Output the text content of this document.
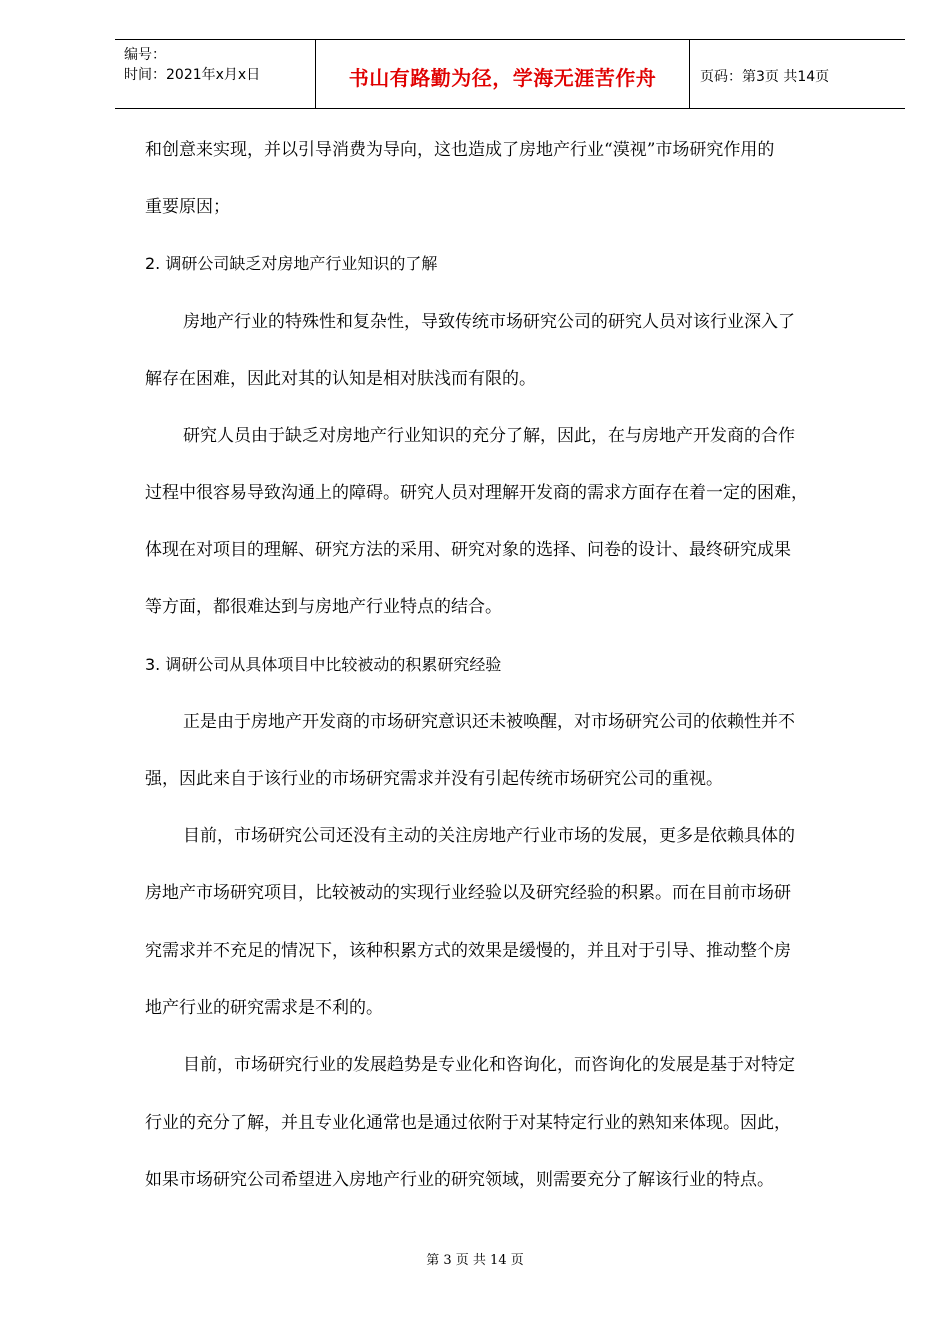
编号：
时间：2021年x月x日	书山有路勤为径，学海无涯苦作舟	页码：第3页 共14页
和创意来实现，并以引导消费为导向，这也造成了房地产行业“漠视”市场研究作用的
重要原因；
2. 调研公司缺乏对房地产行业知识的了解
房地产行业的特殊性和复杂性，导致传统市场研究公司的研究人员对该行业深入了
解存在困难，因此对其的认知是相对肤浅而有限的。
研究人员由于缺乏对房地产行业知识的充分了解，因此，在与房地产开发商的合作
过程中很容易导致沟通上的障碍。研究人员对理解开发商的需求方面存在着一定的困难，
体现在对项目的理解、研究方法的采用、研究对象的选择、问卷的设计、最终研究成果
等方面，都很难达到与房地产行业特点的结合。
3. 调研公司从具体项目中比较被动的积累研究经验
正是由于房地产开发商的市场研究意识还未被唤醒，对市场研究公司的依赖性并不
强，因此来自于该行业的市场研究需求并没有引起传统市场研究公司的重视。
目前，市场研究公司还没有主动的关注房地产行业市场的发展，更多是依赖具体的
房地产市场研究项目，比较被动的实现行业经验以及研究经验的积累。而在目前市场研
究需求并不充足的情况下，该种积累方式的效果是缓慢的，并且对于引导、推动整个房
地产行业的研究需求是不利的。
目前，市场研究行业的发展趋势是专业化和咨询化，而咨询化的发展是基于对特定
行业的充分了解，并且专业化通常也是通过依附于对某特定行业的熟知来体现。因此，
如果市场研究公司希望进入房地产行业的研究领域，则需要充分了解该行业的特点。
第 3 页 共 14 页
